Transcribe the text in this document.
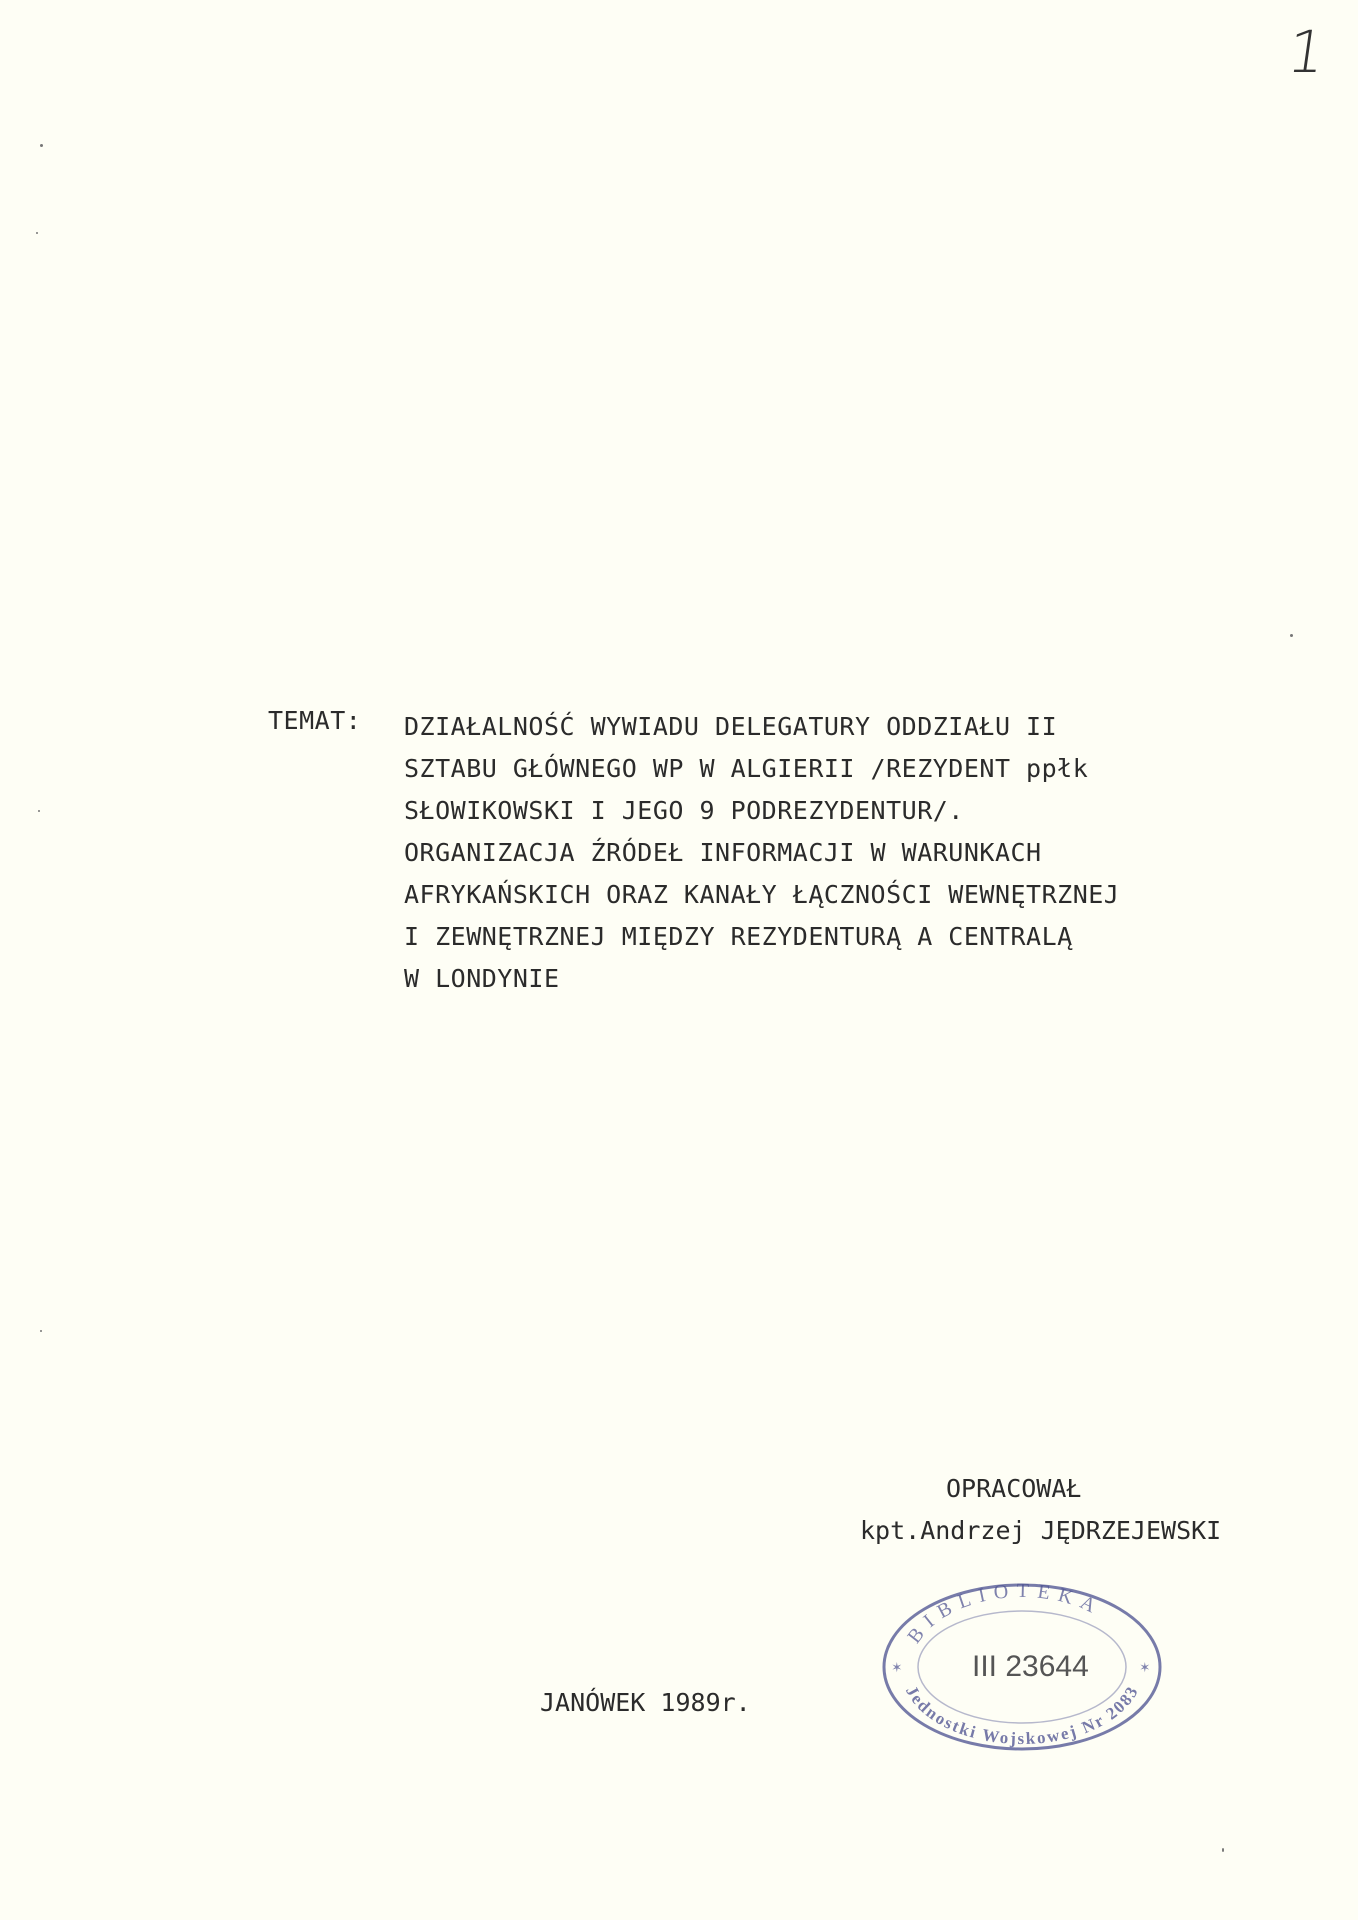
1
TEMAT: DZIAŁALNOŚĆ WYWIADU DELEGATURY ODDZIAŁU II
SZTABU GŁÓWNEGO WP W ALGIERII /REZYDENT ppłk
SŁOWIKOWSKI I JEGO 9 PODREZYDENTUR/.
ORGANIZACJA ŹRÓDEŁ INFORMACJI W WARUNKACH
AFRYKAŃSKICH ORAZ KANAŁY ŁĄCZNOŚCI WEWNĘTRZNEJ
I ZEWNĘTRZNEJ MIĘDZY REZYDENTURĄ A CENTRALĄ
W LONDYNIE
OPRACOWAŁ
kpt.Andrzej JĘDRZEJEWSKI
BIBLIOTEKA
Jednostki Wojskowej Nr 2083
✶	✶
III 23644
JANÓWEK 1989r.
